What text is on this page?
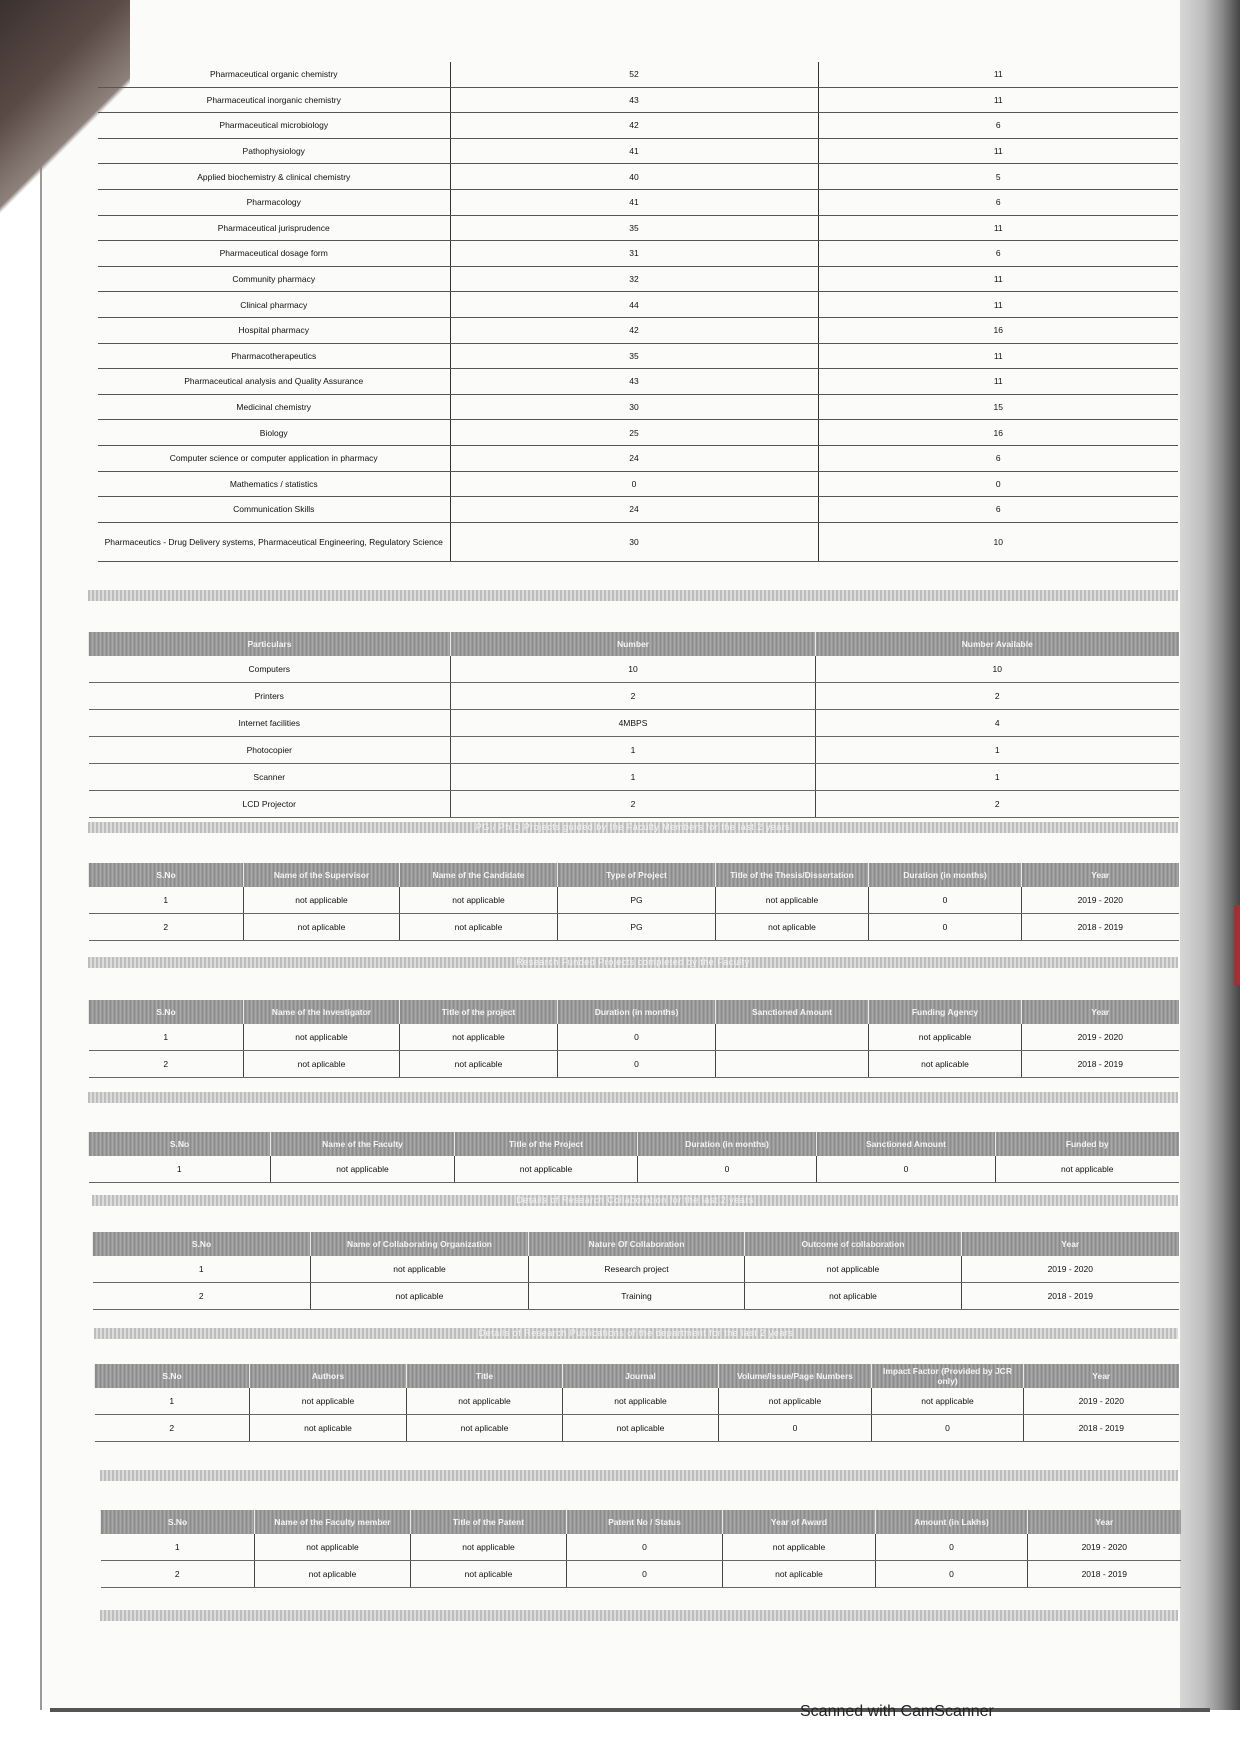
Pharmaceutical organic chemistry	52	11
Pharmaceutical inorganic chemistry	43	11
Pharmaceutical microbiology	42	6
Pathophysiology	41	11
Applied biochemistry & clinical chemistry	40	5
Pharmacology	41	6
Pharmaceutical jurisprudence	35	11
Pharmaceutical dosage form	31	6
Community pharmacy	32	11
Clinical pharmacy	44	11
Hospital pharmacy	42	16
Pharmacotherapeutics	35	11
Pharmaceutical analysis and Quality Assurance	43	11
Medicinal chemistry	30	15
Biology	25	16
Computer science or computer application in pharmacy	24	6
Mathematics / statistics	0	0
Communication Skills	24	6
Pharmaceutics - Drug Delivery systems, Pharmaceutical Engineering, Regulatory Science	30	10
Particulars	Number	Number Available
Computers	10	10
Printers	2	2
Internet facilities	4MBPS	4
Photocopier	1	1
Scanner	1	1
LCD Projector	2	2
PG / Ph.D Projects guided by the Faculty Members for the last 2 years
S.No	Name of the Supervisor	Name of the Candidate	Type of Project	Title of the Thesis/Dissertation	Duration (in months)	Year
1	not applicable	not applicable	PG	not applicable	0	2019 - 2020
2	not aplicable	not aplicable	PG	not aplicable	0	2018 - 2019
Research Funded Projects completed by the Faculty
S.No	Name of the Investigator	Title of the project	Duration (in months)	Sanctioned Amount	Funding Agency	Year
1	not applicable	not applicable	0		not applicable	2019 - 2020
2	not aplicable	not aplicable	0		not aplicable	2018 - 2019
S.No	Name of the Faculty	Title of the Project	Duration (in months)	Sanctioned Amount	Funded by
1	not applicable	not applicable	0	0	not applicable
Details of Research Collaboration for the last 2 years
S.No	Name of Collaborating Organization	Nature Of Collaboration	Outcome of collaboration	Year
1	not applicable	Research project	not applicable	2019 - 2020
2	not aplicable	Training	not aplicable	2018 - 2019
Details of Research Publications of the department for the last 2 years
S.No	Authors	Title	Journal	Volume/Issue/Page Numbers	Impact Factor (Provided by JCR only)	Year
1	not applicable	not applicable	not applicable	not applicable	not applicable	2019 - 2020
2	not aplicable	not aplicable	not aplicable	0	0	2018 - 2019
S.No	Name of the Faculty member	Title of the Patent	Patent No / Status	Year of Award	Amount (in Lakhs)	Year
1	not applicable	not applicable	0	not applicable	0	2019 - 2020
2	not aplicable	not aplicable	0	not aplicable	0	2018 - 2019
Scanned with CamScanner
